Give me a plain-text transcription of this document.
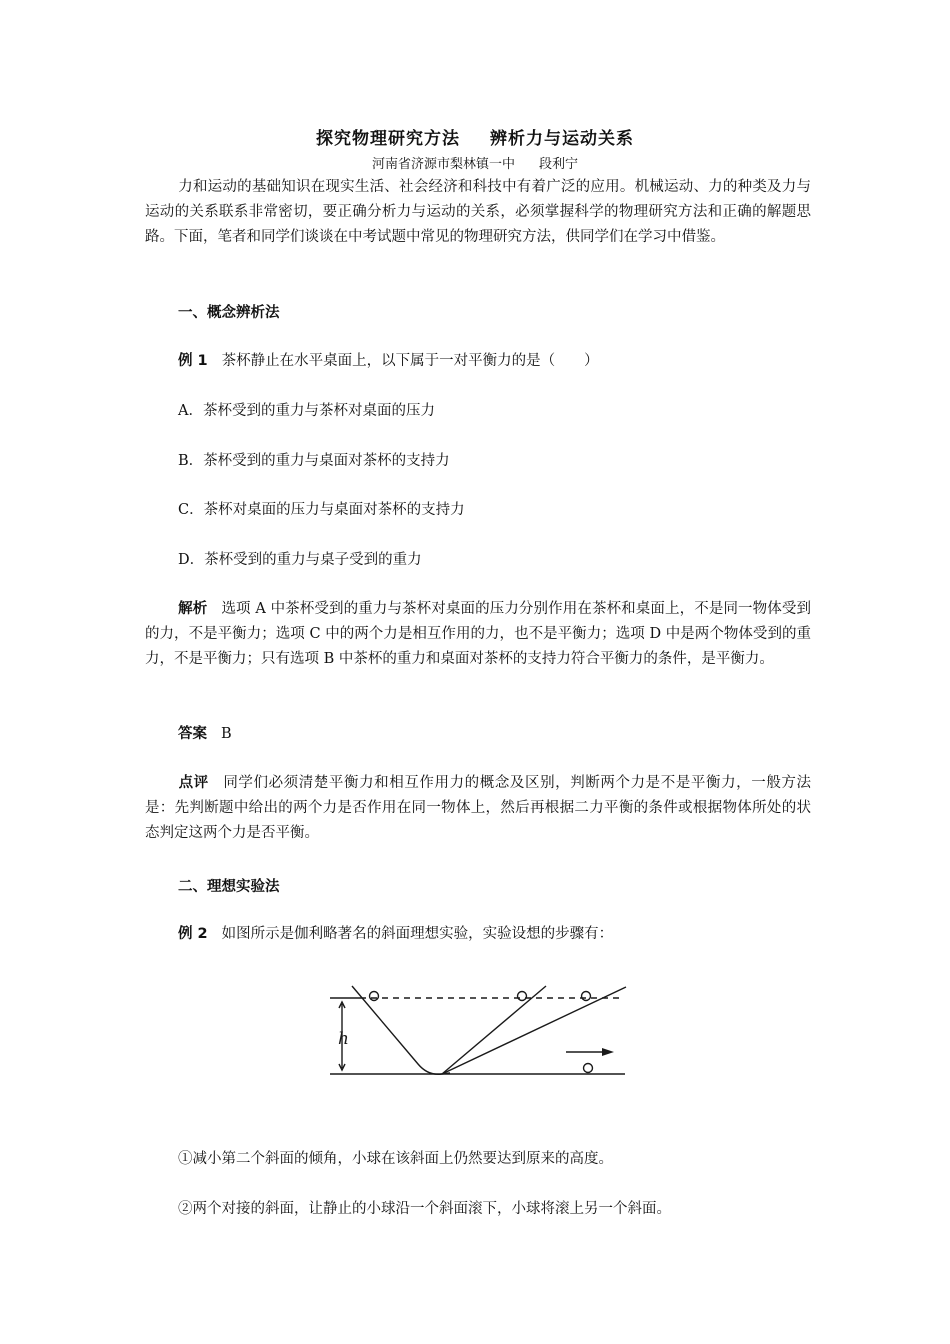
探究物理研究方法 辨析力与运动关系
河南省济源市梨林镇一中 段利宁

力和运动的基础知识在现实生活、社会经济和科技中有着广泛的应用。机械运动、力的种类及力与运动的关系联系非常密切，要正确分析力与运动的关系，必须掌握科学的物理研究方法和正确的解题思路。下面，笔者和同学们谈谈在中考试题中常见的物理研究方法，供同学们在学习中借鉴。

一、概念辨析法
例 1 茶杯静止在水平桌面上，以下属于一对平衡力的是（　　）
A．茶杯受到的重力与茶杯对桌面的压力
B．茶杯受到的重力与桌面对茶杯的支持力
C．茶杯对桌面的压力与桌面对茶杯的支持力
D．茶杯受到的重力与桌子受到的重力

解析 选项 A 中茶杯受到的重力与茶杯对桌面的压力分别作用在茶杯和桌面上，不是同一物体受到的力，不是平衡力；选项 C 中的两个力是相互作用的力，也不是平衡力；选项 D 中是两个物体受到的重力，不是平衡力；只有选项 B 中茶杯的重力和桌面对茶杯的支持力符合平衡力的条件，是平衡力。

答案 B

点评 同学们必须清楚平衡力和相互作用力的概念及区别，判断两个力是不是平衡力，一般方法是：先判断题中给出的两个力是否作用在同一物体上，然后再根据二力平衡的条件或根据物体所处的状态判定这两个力是否平衡。

二、理想实验法
例 2 如图所示是伽利略著名的斜面理想实验，实验设想的步骤有：
h
①减小第二个斜面的倾角，小球在该斜面上仍然要达到原来的高度。
②两个对接的斜面，让静止的小球沿一个斜面滚下，小球将滚上另一个斜面。
